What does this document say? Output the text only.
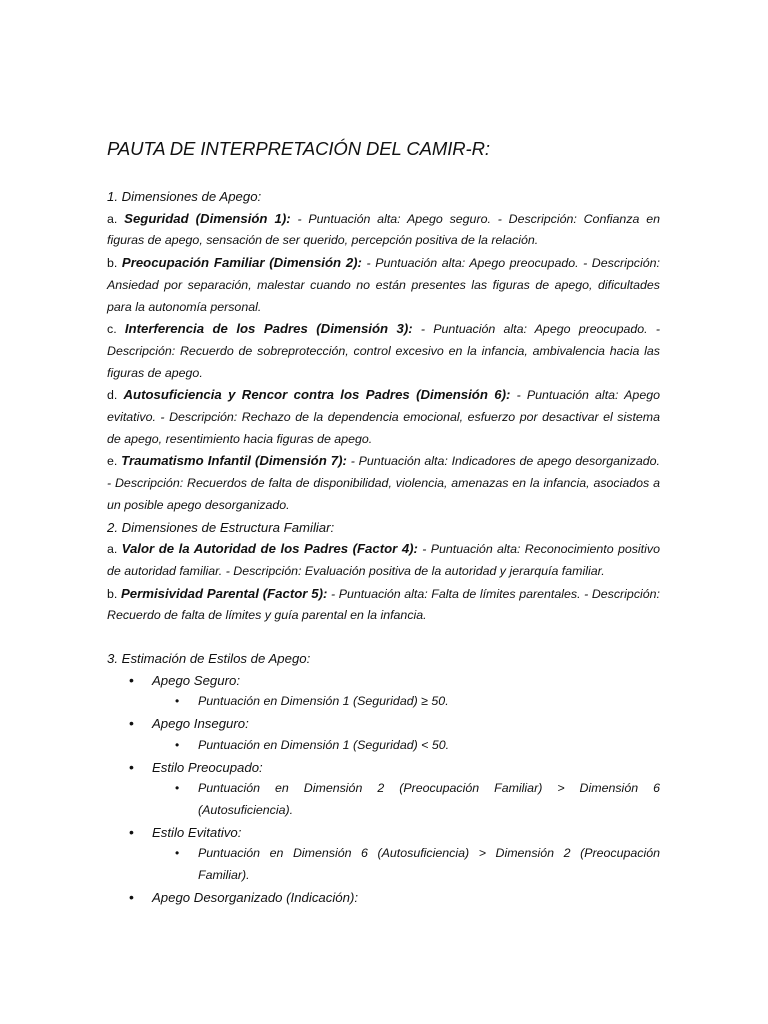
PAUTA DE INTERPRETACIÓN DEL CAMIR-R:

1. Dimensiones de Apego:

a. Seguridad (Dimensión 1): - Puntuación alta: Apego seguro. - Descripción: Confianza en figuras de apego, sensación de ser querido, percepción positiva de la relación.

b. Preocupación Familiar (Dimensión 2): - Puntuación alta: Apego preocupado. - Descripción: Ansiedad por separación, malestar cuando no están presentes las figuras de apego, dificultades para la autonomía personal.

c. Interferencia de los Padres (Dimensión 3): - Puntuación alta: Apego preocupado. - Descripción: Recuerdo de sobreprotección, control excesivo en la infancia, ambivalencia hacia las figuras de apego.

d. Autosuficiencia y Rencor contra los Padres (Dimensión 6): - Puntuación alta: Apego evitativo. - Descripción: Rechazo de la dependencia emocional, esfuerzo por desactivar el sistema de apego, resentimiento hacia figuras de apego.

e. Traumatismo Infantil (Dimensión 7): - Puntuación alta: Indicadores de apego desorganizado. - Descripción: Recuerdos de falta de disponibilidad, violencia, amenazas en la infancia, asociados a un posible apego desorganizado.

2. Dimensiones de Estructura Familiar:

a. Valor de la Autoridad de los Padres (Factor 4): - Puntuación alta: Reconocimiento positivo de autoridad familiar. - Descripción: Evaluación positiva de la autoridad y jerarquía familiar.

b. Permisividad Parental (Factor 5): - Puntuación alta: Falta de límites parentales. - Descripción: Recuerdo de falta de límites y guía parental en la infancia.

3. Estimación de Estilos de Apego:

• Apego Seguro:
• Puntuación en Dimensión 1 (Seguridad) ≥ 50.
• Apego Inseguro:
• Puntuación en Dimensión 1 (Seguridad) < 50.
• Estilo Preocupado:
• Puntuación en Dimensión 2 (Preocupación Familiar) > Dimensión 6 (Autosuficiencia).
• Estilo Evitativo:
• Puntuación en Dimensión 6 (Autosuficiencia) > Dimensión 2 (Preocupación Familiar).
• Apego Desorganizado (Indicación):
